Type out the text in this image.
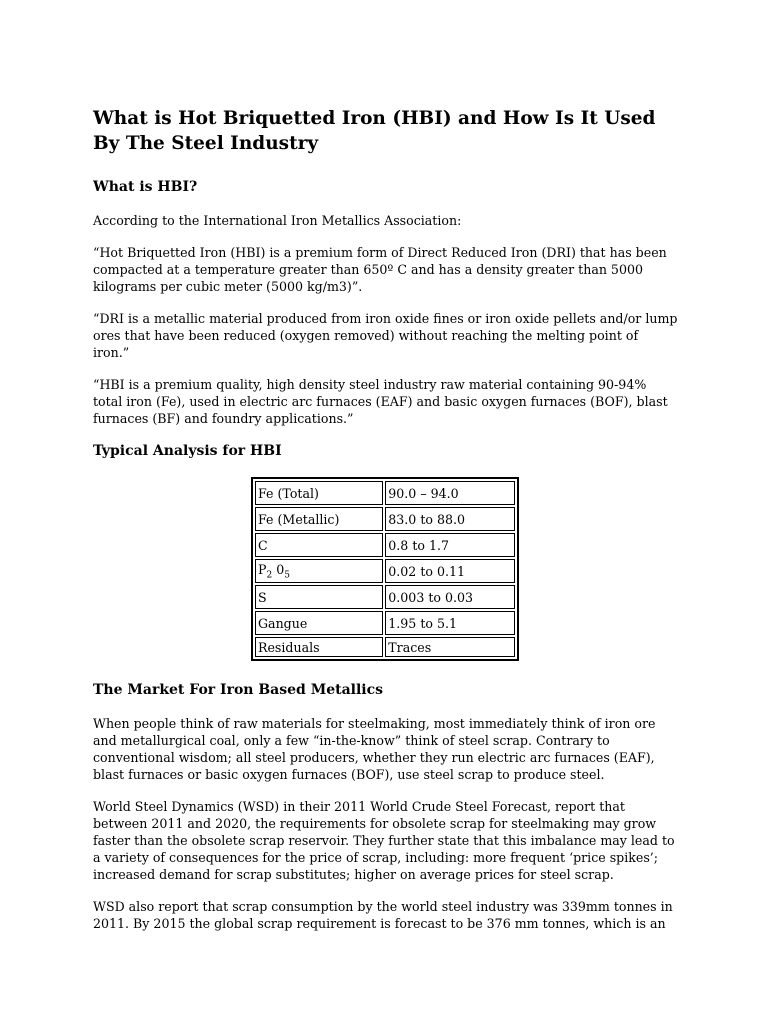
What is Hot Briquetted Iron (HBI) and How Is It Used By The Steel Industry
What is HBI?

According to the International Iron Metallics Association:

“Hot Briquetted Iron (HBI) is a premium form of Direct Reduced Iron (DRI) that has been compacted at a temperature greater than 650º C and has a density greater than 5000 kilograms per cubic meter (5000 kg/m3)”.

“DRI is a metallic material produced from iron oxide fines or iron oxide pellets and/or lump ores that have been reduced (oxygen removed) without reaching the melting point of iron.”

“HBI is a premium quality, high density steel industry raw material containing 90-94% total iron (Fe), used in electric arc furnaces (EAF) and basic oxygen furnaces (BOF), blast furnaces (BF) and foundry applications.”

Typical Analysis for HBI
Fe (Total)	90.0 – 94.0
Fe (Metallic)	83.0 to 88.0
C	0.8 to 1.7
$P_2$ $0_5$	0.02 to 0.11
S	0.003 to 0.03
Gangue	1.95 to 5.1
Residuals	Traces
The Market For Iron Based Metallics

When people think of raw materials for steelmaking, most immediately think of iron ore and metallurgical coal, only a few “in-the-know” think of steel scrap. Contrary to conventional wisdom; all steel producers, whether they run electric arc furnaces (EAF), blast furnaces or basic oxygen furnaces (BOF), use steel scrap to produce steel.

World Steel Dynamics (WSD) in their 2011 World Crude Steel Forecast, report that between 2011 and 2020, the requirements for obsolete scrap for steelmaking may grow faster than the obsolete scrap reservoir. They further state that this imbalance may lead to a variety of consequences for the price of scrap, including: more frequent ‘price spikes’; increased demand for scrap substitutes; higher on average prices for steel scrap.

WSD also report that scrap consumption by the world steel industry was 339mm tonnes in 2011. By 2015 the global scrap requirement is forecast to be 376 mm tonnes, which is an
